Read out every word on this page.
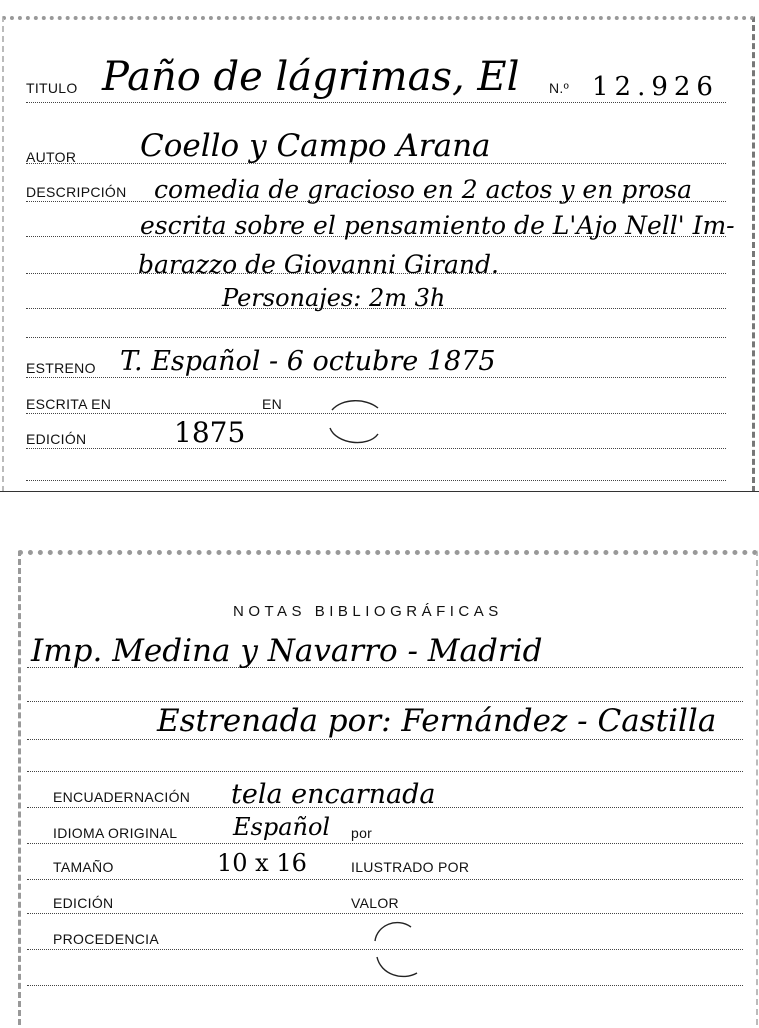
TITULO Paño de lágrimas, El N.º 12.926
AUTOR Coello y Campo Arana
DESCRIPCIÓN comedia de gracioso en 2 actos y en prosa
escrita sobre el pensamiento de L'Ajo Nell' Im-
barazzo de Giovanni Girand.
Personajes: 2m 3h
ESTRENO T. Español - 6 octubre 1875
ESCRITA EN	EN
EDICIÓN	1875
NOTAS BIBLIOGRÁFICAS
Imp. Medina y Navarro - Madrid
Estrenada por: Fernández - Castilla
ENCUADERNACIÓN tela encarnada
IDIOMA ORIGINAL Español por
TAMAÑO	10 x 16	ILUSTRADO POR
EDICIÓN	VALOR
PROCEDENCIA
